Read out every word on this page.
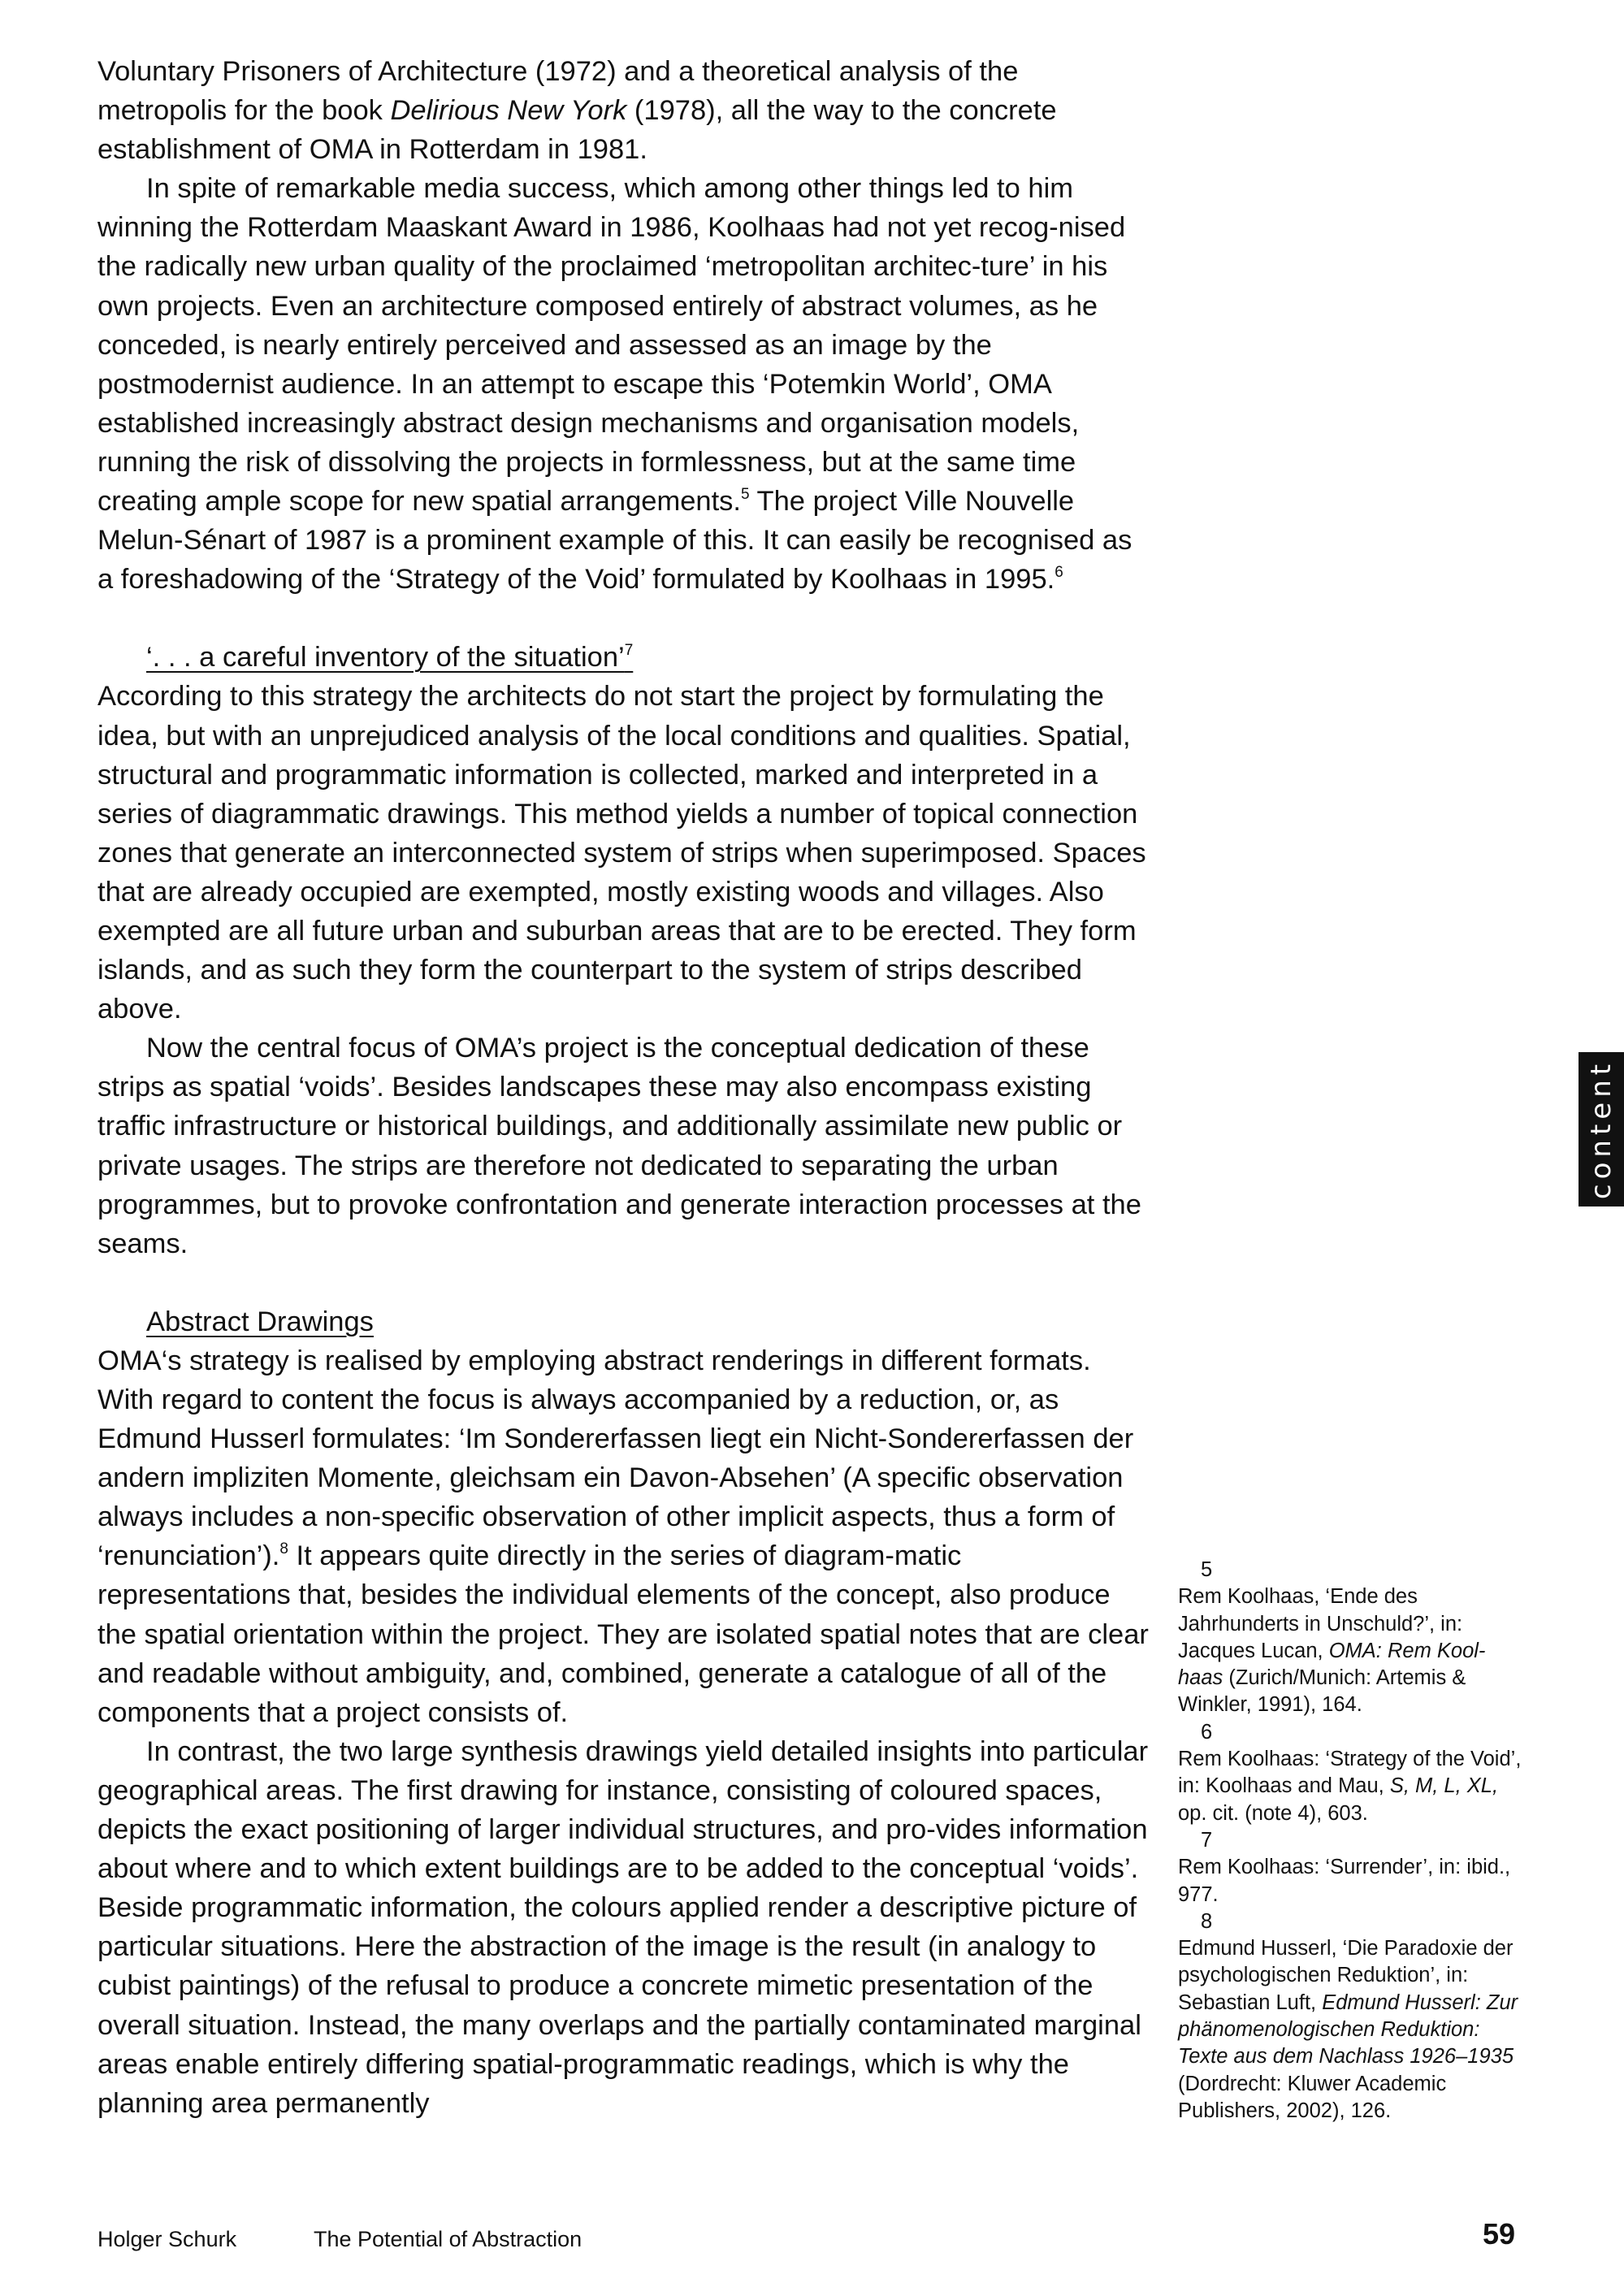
Voluntary Prisoners of Architecture (1972) and a theoretical analysis of the metropolis for the book Delirious New York (1978), all the way to the concrete establishment of OMA in Rotterdam in 1981.

In spite of remarkable media success, which among other things led to him winning the Rotterdam Maaskant Award in 1986, Koolhaas had not yet recog-nised the radically new urban quality of the proclaimed ‘metropolitan architec-ture’ in his own projects. Even an architecture composed entirely of abstract volumes, as he conceded, is nearly entirely perceived and assessed as an image by the postmodernist audience. In an attempt to escape this ‘Potemkin World’, OMA established increasingly abstract design mechanisms and organisation models, running the risk of dissolving the projects in formlessness, but at the same time creating ample scope for new spatial arrangements.$^5$ The project Ville Nouvelle Melun-Sénart of 1987 is a prominent example of this. It can easily be recognised as a foreshadowing of the ‘Strategy of the Void’ formulated by Koolhaas in 1995.$^6$

‘. . . a careful inventory of the situation’$^7$

According to this strategy the architects do not start the project by formulating the idea, but with an unprejudiced analysis of the local conditions and qualities. Spatial, structural and programmatic information is collected, marked and interpreted in a series of diagrammatic drawings. This method yields a number of topical connection zones that generate an interconnected system of strips when superimposed. Spaces that are already occupied are exempted, mostly existing woods and villages. Also exempted are all future urban and suburban areas that are to be erected. They form islands, and as such they form the counterpart to the system of strips described above.

Now the central focus of OMA’s project is the conceptual dedication of these strips as spatial ‘voids’. Besides landscapes these may also encompass existing traffic infrastructure or historical buildings, and additionally assimilate new public or private usages. The strips are therefore not dedicated to separating the urban programmes, but to provoke confrontation and generate interaction processes at the seams.

Abstract Drawings

OMA‘s strategy is realised by employing abstract renderings in different formats. With regard to content the focus is always accompanied by a reduction, or, as Edmund Husserl formulates: ‘Im Sondererfassen liegt ein Nicht-Sondererfassen der andern impliziten Momente, gleichsam ein Davon-Absehen’ (A specific observation always includes a non-specific observation of other implicit aspects, thus a form of ‘renunciation’).$^8$ It appears quite directly in the series of diagram-matic representations that, besides the individual elements of the concept, also produce the spatial orientation within the project. They are isolated spatial notes that are clear and readable without ambiguity, and, combined, generate a catalogue of all of the components that a project consists of.

In contrast, the two large synthesis drawings yield detailed insights into particular geographical areas. The first drawing for instance, consisting of coloured spaces, depicts the exact positioning of larger individual structures, and pro-vides information about where and to which extent buildings are to be added to the conceptual ‘voids’. Beside programmatic information, the colours applied render a descriptive picture of particular situations. Here the abstraction of the image is the result (in analogy to cubist paintings) of the refusal to produce a concrete mimetic presentation of the overall situation. Instead, the many overlaps and the partially contaminated marginal areas enable entirely differing spatial-programmatic readings, which is why the planning area permanently

5

Rem Koolhaas, ‘Ende des Jahrhunderts in Unschuld?’, in: Jacques Lucan, OMA: Rem Kool-haas (Zurich/Munich: Artemis & Winkler, 1991), 164.

6

Rem Koolhaas: ‘Strategy of the Void’, in: Koolhaas and Mau, S, M, L, XL, op. cit. (note 4), 603.

7

Rem Koolhaas: ‘Surrender’, in: ibid., 977.

8

Edmund Husserl, ‘Die Paradoxie der psychologischen Reduktion’, in: Sebastian Luft, Edmund Husserl: Zur phänomenologischen Reduktion: Texte aus dem Nachlass 1926–1935 (Dordrecht: Kluwer Academic Publishers, 2002), 126.

content
Holger Schurk	The Potential of Abstraction	59
